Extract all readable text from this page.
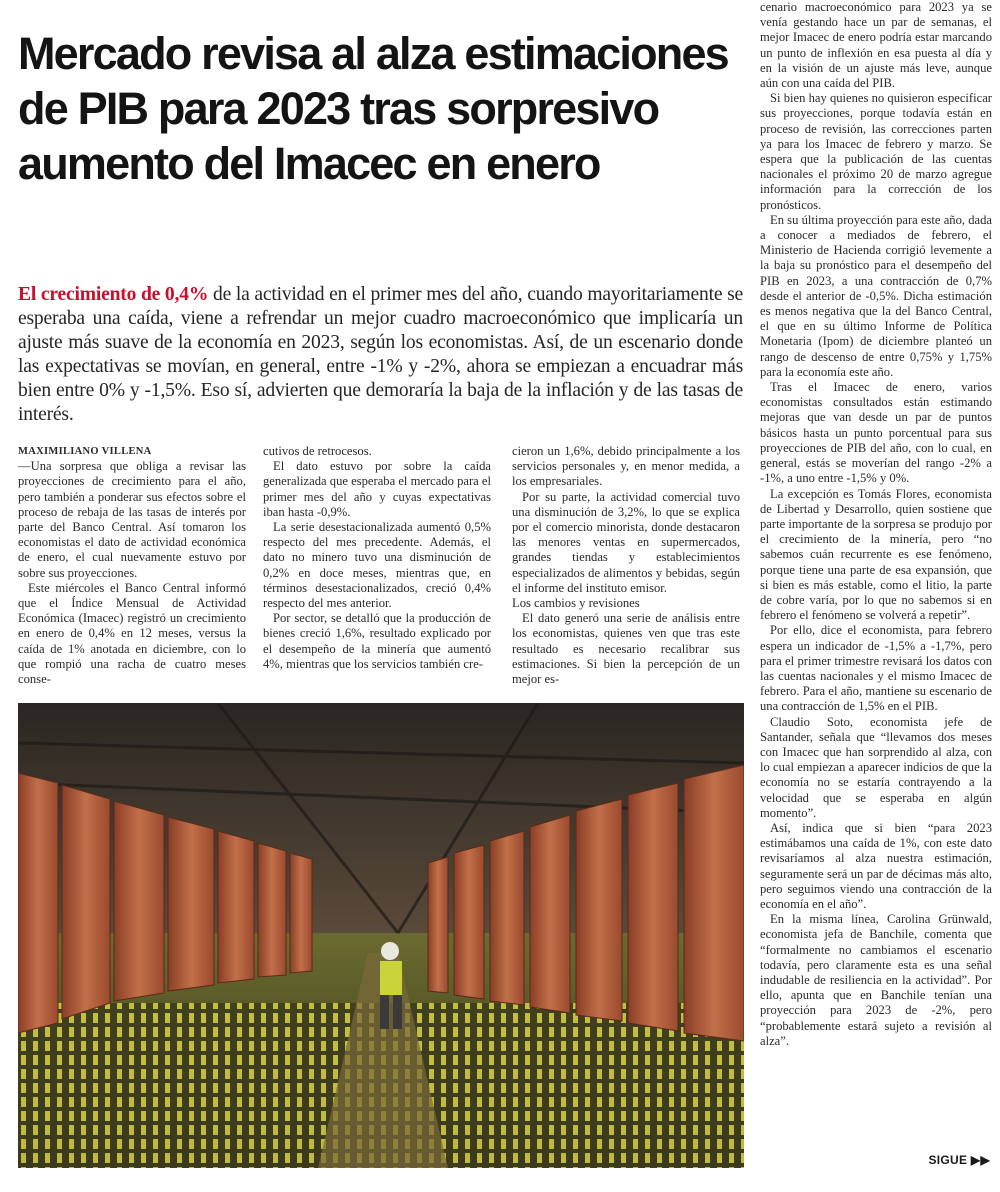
Mercado revisa al alza estimaciones de PIB para 2023 tras sorpresivo aumento del Imacec en enero

El crecimiento de 0,4% de la actividad en el primer mes del año, cuando mayoritariamente se esperaba una caída, viene a refrendar un mejor cuadro macroeconómico que implicaría un ajuste más suave de la economía en 2023, según los economistas. Así, de un escenario donde las expectativas se movían, en general, entre -1% y -2%, ahora se empiezan a encuadrar más bien entre 0% y -1,5%. Eso sí, advierten que demoraría la baja de la inflación y de las tasas de interés.

MAXIMILIANO VILLENA

—Una sorpresa que obliga a revisar las proyecciones de crecimiento para el año, pero también a ponderar sus efectos sobre el proceso de rebaja de las tasas de interés por parte del Banco Central. Así tomaron los economistas el dato de actividad económica de enero, el cual nuevamente estuvo por sobre sus proyecciones.

Este miércoles el Banco Central informó que el Índice Mensual de Actividad Económica (Imacec) registró un crecimiento en enero de 0,4% en 12 meses, versus la caída de 1% anotada en diciembre, con lo que rompió una racha de cuatro meses conse-

cutivos de retrocesos.

El dato estuvo por sobre la caída generalizada que esperaba el mercado para el primer mes del año y cuyas expectativas iban hasta -0,9%.

La serie desestacionalizada aumentó 0,5% respecto del mes precedente. Además, el dato no minero tuvo una disminución de 0,2% en doce meses, mientras que, en términos desestacionalizados, creció 0,4% respecto del mes anterior.

Por sector, se detalló que la producción de bienes creció 1,6%, resultado explicado por el desempeño de la minería que aumentó 4%, mientras que los servicios también cre-

cieron un 1,6%, debido principalmente a los servicios personales y, en menor medida, a los empresariales.

Por su parte, la actividad comercial tuvo una disminución de 3,2%, lo que se explica por el comercio minorista, donde destacaron las menores ventas en supermercados, grandes tiendas y establecimientos especializados de alimentos y bebidas, según el informe del instituto emisor.

Los cambios y revisiones

El dato generó una serie de análisis entre los economistas, quienes ven que tras este resultado es necesario recalibrar sus estimaciones. Si bien la percepción de un mejor es-

cenario macroeconómico para 2023 ya se venía gestando hace un par de semanas, el mejor Imacec de enero podría estar marcando un punto de inflexión en esa puesta al día y en la visión de un ajuste más leve, aunque aún con una caída del PIB.

Si bien hay quienes no quisieron especificar sus proyecciones, porque todavía están en proceso de revisión, las correcciones parten ya para los Imacec de febrero y marzo. Se espera que la publicación de las cuentas nacionales el próximo 20 de marzo agregue información para la corrección de los pronósticos.

En su última proyección para este año, dada a conocer a mediados de febrero, el Ministerio de Hacienda corrigió levemente a la baja su pronóstico para el desempeño del PIB en 2023, a una contracción de 0,7% desde el anterior de -0,5%. Dicha estimación es menos negativa que la del Banco Central, el que en su último Informe de Política Monetaria (Ipom) de diciembre planteó un rango de descenso de entre 0,75% y 1,75% para la economía este año.

Tras el Imacec de enero, varios economistas consultados están estimando mejoras que van desde un par de puntos básicos hasta un punto porcentual para sus proyecciones de PIB del año, con lo cual, en general, estás se moverían del rango -2% a -1%, a uno entre -1,5% y 0%.

La excepción es Tomás Flores, economista de Libertad y Desarrollo, quien sostiene que parte importante de la sorpresa se produjo por el crecimiento de la minería, pero “no sabemos cuán recurrente es ese fenómeno, porque tiene una parte de esa expansión, que si bien es más estable, como el litio, la parte de cobre varía, por lo que no sabemos si en febrero el fenómeno se volverá a repetir”.

Por ello, dice el economista, para febrero espera un indicador de -1,5% a -1,7%, pero para el primer trimestre revisará los datos con las cuentas nacionales y el mismo Imacec de febrero. Para el año, mantiene su escenario de una contracción de 1,5% en el PIB.

Claudio Soto, economista jefe de Santander, señala que “llevamos dos meses con Imacec que han sorprendido al alza, con lo cual empiezan a aparecer indicios de que la economía no se estaría contrayendo a la velocidad que se esperaba en algún momento”.

Así, indica que si bien “para 2023 estimábamos una caída de 1%, con este dato revisaríamos al alza nuestra estimación, seguramente será un par de décimas más alto, pero seguimos viendo una contracción de la economía en el año”.

En la misma línea, Carolina Grünwald, economista jefa de Banchile, comenta que “formalmente no cambiamos el escenario todavía, pero claramente esta es una señal indudable de resiliencia en la actividad”. Por ello, apunta que en Banchile tenían una proyección para 2023 de -2%, pero “probablemente estará sujeto a revisión al alza”.

SIGUE ▶▶
